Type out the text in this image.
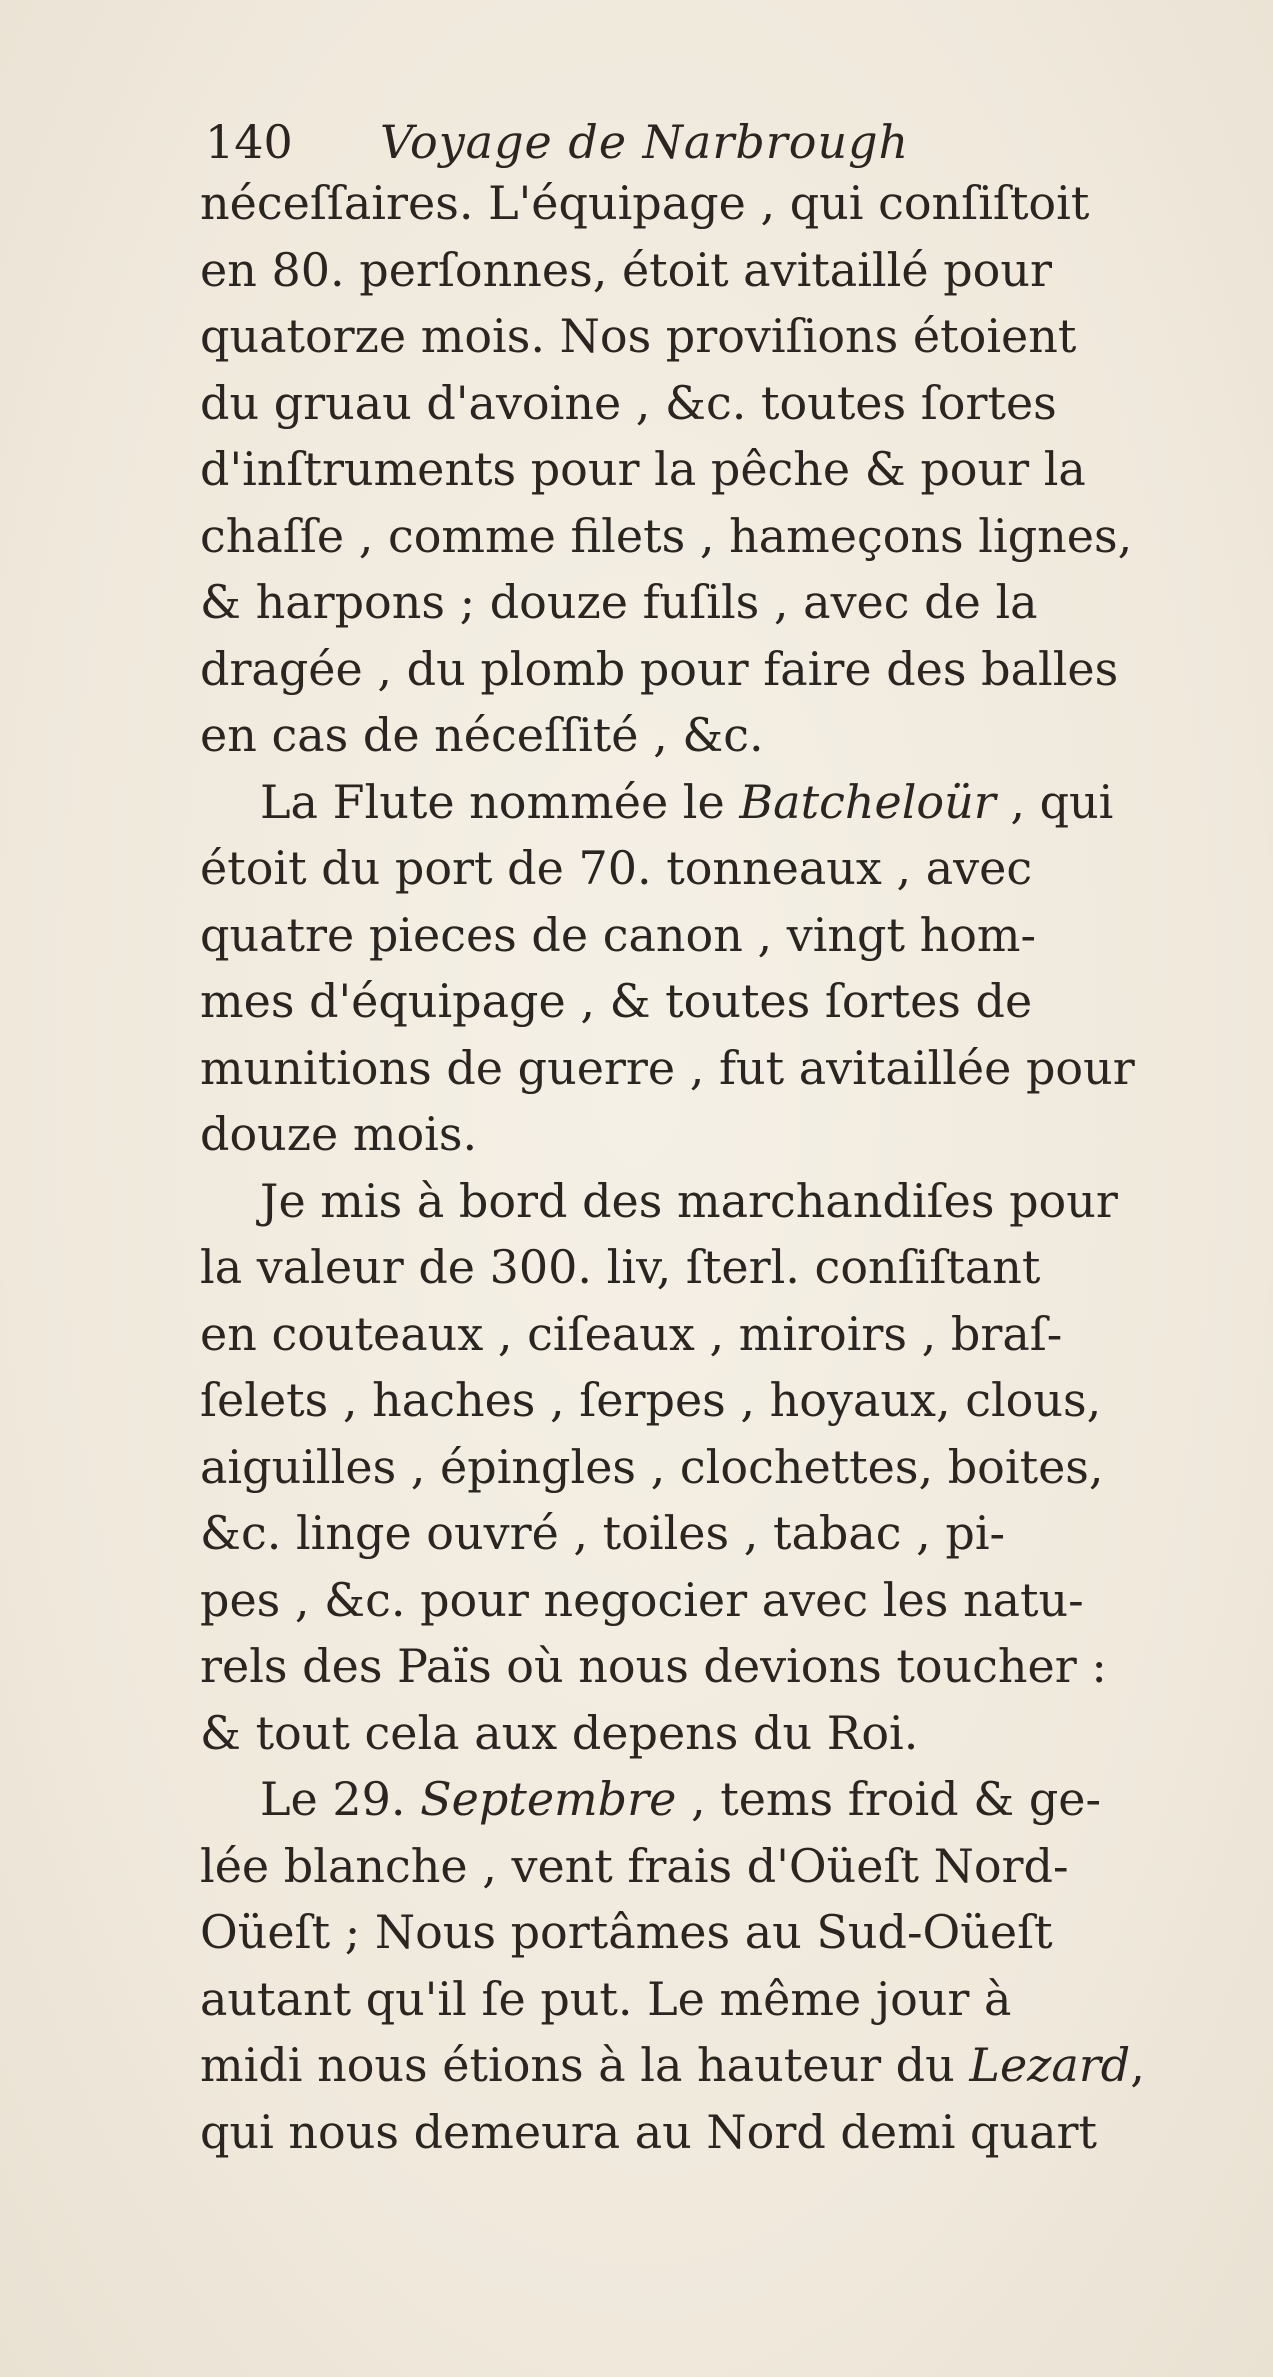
140 Voyage de Narbrough
néceſſaires. L'équipage , qui conſiſtoit
en 80. perſonnes, étoit avitaillé pour
quatorze mois. Nos proviſions étoient
du gruau d'avoine , &c. toutes ſortes
d'inſtruments pour la pêche & pour la
chaſſe , comme filets , hameçons lignes,
& harpons ; douze fuſils , avec de la
dragée , du plomb pour faire des balles
en cas de néceſſité , &c.
La Flute nommée le Batcheloür , qui
étoit du port de 70. tonneaux , avec
quatre pieces de canon , vingt hom-
mes d'équipage , & toutes ſortes de
munitions de guerre , fut avitaillée pour
douze mois.
Je mis à bord des marchandiſes pour
la valeur de 300. liv, ſterl. conſiſtant
en couteaux , ciſeaux , miroirs , braſ-
ſelets , haches , ſerpes , hoyaux, clous,
aiguilles , épingles , clochettes, boites,
&c. linge ouvré , toiles , tabac , pi-
pes , &c. pour negocier avec les natu-
rels des Païs où nous devions toucher :
& tout cela aux depens du Roi.
Le 29. Septembre , tems froid & ge-
lée blanche , vent frais d'Oüeſt Nord-
Oüeſt ; Nous portâmes au Sud-Oüeſt
autant qu'il ſe put. Le même jour à
midi nous étions à la hauteur du Lezard,
qui nous demeura au Nord demi quart
